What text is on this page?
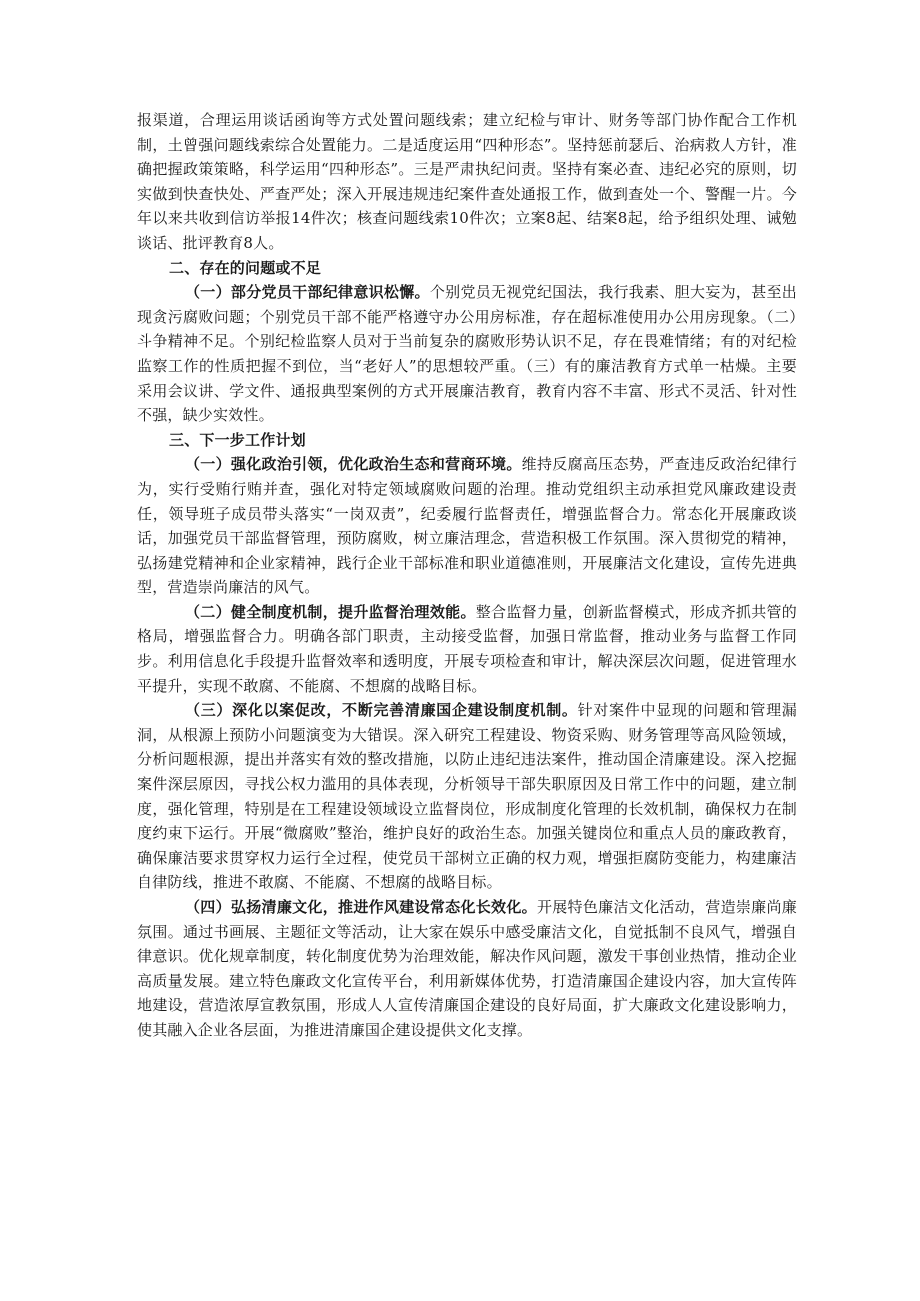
报渠道，合理运用谈话函询等方式处置问题线索；建立纪检与审计、财务等部门协作配合工作机制，土曾强问题线索综合处置能力。二是适度运用“四种形态”。坚持惩前瑟后、治病救人方针，准确把握政策策略，科学运用“四种形态”。三是严肃执纪问责。坚持有案必查、违纪必究的原则，切实做到快查快处、严查严处；深入开展违规违纪案件查处通报工作，做到查处一个、警醒一片。今年以来共收到信访举报14件次；核查问题线索10件次；立案8起、结案8起，给予组织处理、诫勉谈话、批评教育8人。

二、存在的问题或不足

（一）部分党员干部纪律意识松懈。个别党员无视党纪国法，我行我素、胆大妄为，甚至出现贪污腐败问题；个别党员干部不能严格遵守办公用房标准，存在超标准使用办公用房现象。（二）斗争精神不足。个别纪检监察人员对于当前复杂的腐败形势认识不足，存在畏难情绪；有的对纪检监察工作的性质把握不到位，当“老好人”的思想较严重。（三）有的廉洁教育方式单一枯燥。主要采用会议讲、学文件、通报典型案例的方式开展廉洁教育，教育内容不丰富、形式不灵活、针对性不强，缺少实效性。

三、下一步工作计划

（一）强化政治引领，优化政治生态和营商环境。维持反腐高压态势，严查违反政治纪律行为，实行受贿行贿并查，强化对特定领域腐败问题的治理。推动党组织主动承担党风廉政建设责任，领导班子成员带头落实“一岗双责”，纪委履行监督责任，增强监督合力。常态化开展廉政谈话，加强党员干部监督管理，预防腐败，树立廉洁理念，营造积极工作氛围。深入贯彻党的精神，弘扬建党精神和企业家精神，践行企业干部标准和职业道德准则，开展廉洁文化建设，宣传先进典型，营造崇尚廉洁的风气。

（二）健全制度机制，提升监督治理效能。整合监督力量，创新监督模式，形成齐抓共管的格局，增强监督合力。明确各部门职责，主动接受监督，加强日常监督，推动业务与监督工作同步。利用信息化手段提升监督效率和透明度，开展专项检查和审计，解决深层次问题，促进管理水平提升，实现不敢腐、不能腐、不想腐的战略目标。

（三）深化以案促改，不断完善清廉国企建设制度机制。针对案件中显现的问题和管理漏洞，从根源上预防小问题演变为大错误。深入研究工程建设、物资采购、财务管理等高风险领域，分析问题根源，提出并落实有效的整改措施，以防止违纪违法案件，推动国企清廉建设。深入挖掘案件深层原因，寻找公权力滥用的具体表现，分析领导干部失职原因及日常工作中的问题，建立制度，强化管理，特别是在工程建设领域设立监督岗位，形成制度化管理的长效机制，确保权力在制度约束下运行。开展“微腐败”整治，维护良好的政治生态。加强关键岗位和重点人员的廉政教育，确保廉洁要求贯穿权力运行全过程，使党员干部树立正确的权力观，增强拒腐防变能力，构建廉洁自律防线，推进不敢腐、不能腐、不想腐的战略目标。

（四）弘扬清廉文化，推进作风建设常态化长效化。开展特色廉洁文化活动，营造崇廉尚廉氛围。通过书画展、主题征文等活动，让大家在娱乐中感受廉洁文化，自觉抵制不良风气，增强自律意识。优化规章制度，转化制度优势为治理效能，解决作风问题，激发干事创业热情，推动企业高质量发展。建立特色廉政文化宣传平台，利用新媒体优势，打造清廉国企建设内容，加大宣传阵地建设，营造浓厚宣教氛围，形成人人宣传清廉国企建设的良好局面，扩大廉政文化建设影响力，使其融入企业各层面，为推进清廉国企建设提供文化支撑。
